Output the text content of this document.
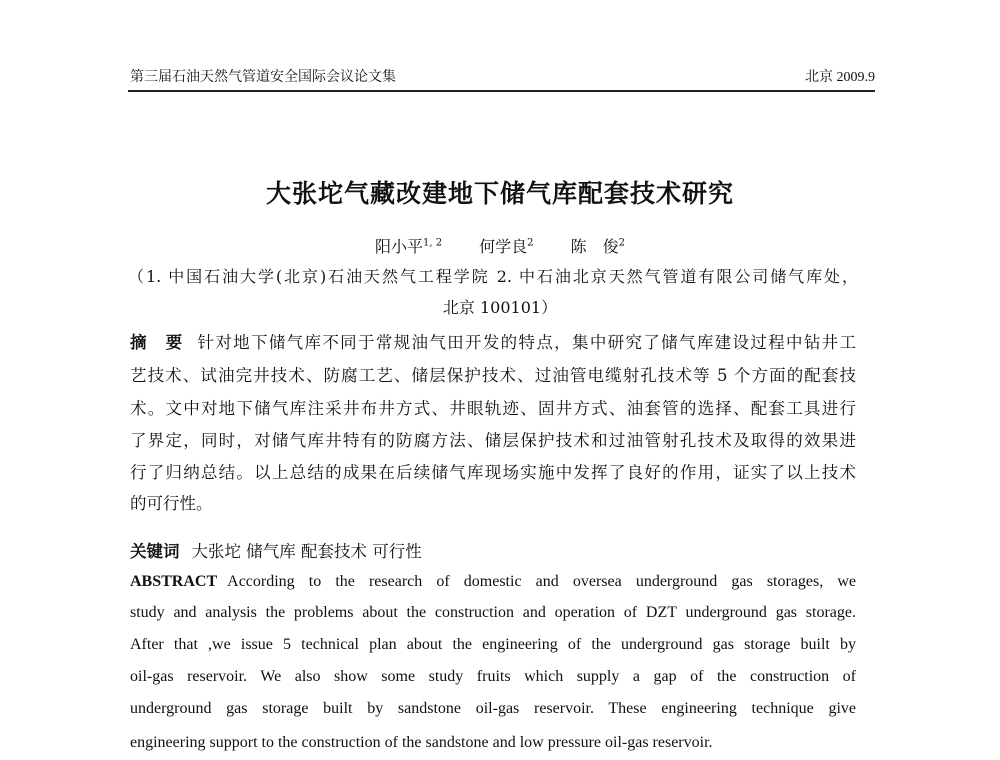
第三届石油天然气管道安全国际会议论文集	北京 2009.9
大张坨气藏改建地下储气库配套技术研究
阳小平$^{1, 2}$ 何学良$^2$ 陈　俊$^2$
（1. 中国石油大学(北京)石油天然气工程学院 2. 中石油北京天然气管道有限公司储气库处，
北京 100101）
摘　要 针对地下储气库不同于常规油气田开发的特点，集中研究了储气库建设过程中钻井工
艺技术、试油完井技术、防腐工艺、储层保护技术、过油管电缆射孔技术等 5 个方面的配套技
术。文中对地下储气库注采井布井方式、井眼轨迹、固井方式、油套管的选择、配套工具进行
了界定，同时，对储气库井特有的防腐方法、储层保护技术和过油管射孔技术及取得的效果进
行了归纳总结。以上总结的成果在后续储气库现场实施中发挥了良好的作用，证实了以上技术
的可行性。
关键词 大张坨 储气库 配套技术 可行性
ABSTRACT According to the research of domestic and oversea underground gas storages, we
study and analysis the problems about the construction and operation of DZT underground gas storage.
After that ,we issue 5 technical plan about the engineering of the underground gas storage built by
oil-gas reservoir. We also show some study fruits which supply a gap of the construction of
underground gas storage built by sandstone oil-gas reservoir. These engineering technique give
engineering support to the construction of the sandstone and low pressure oil-gas reservoir.
